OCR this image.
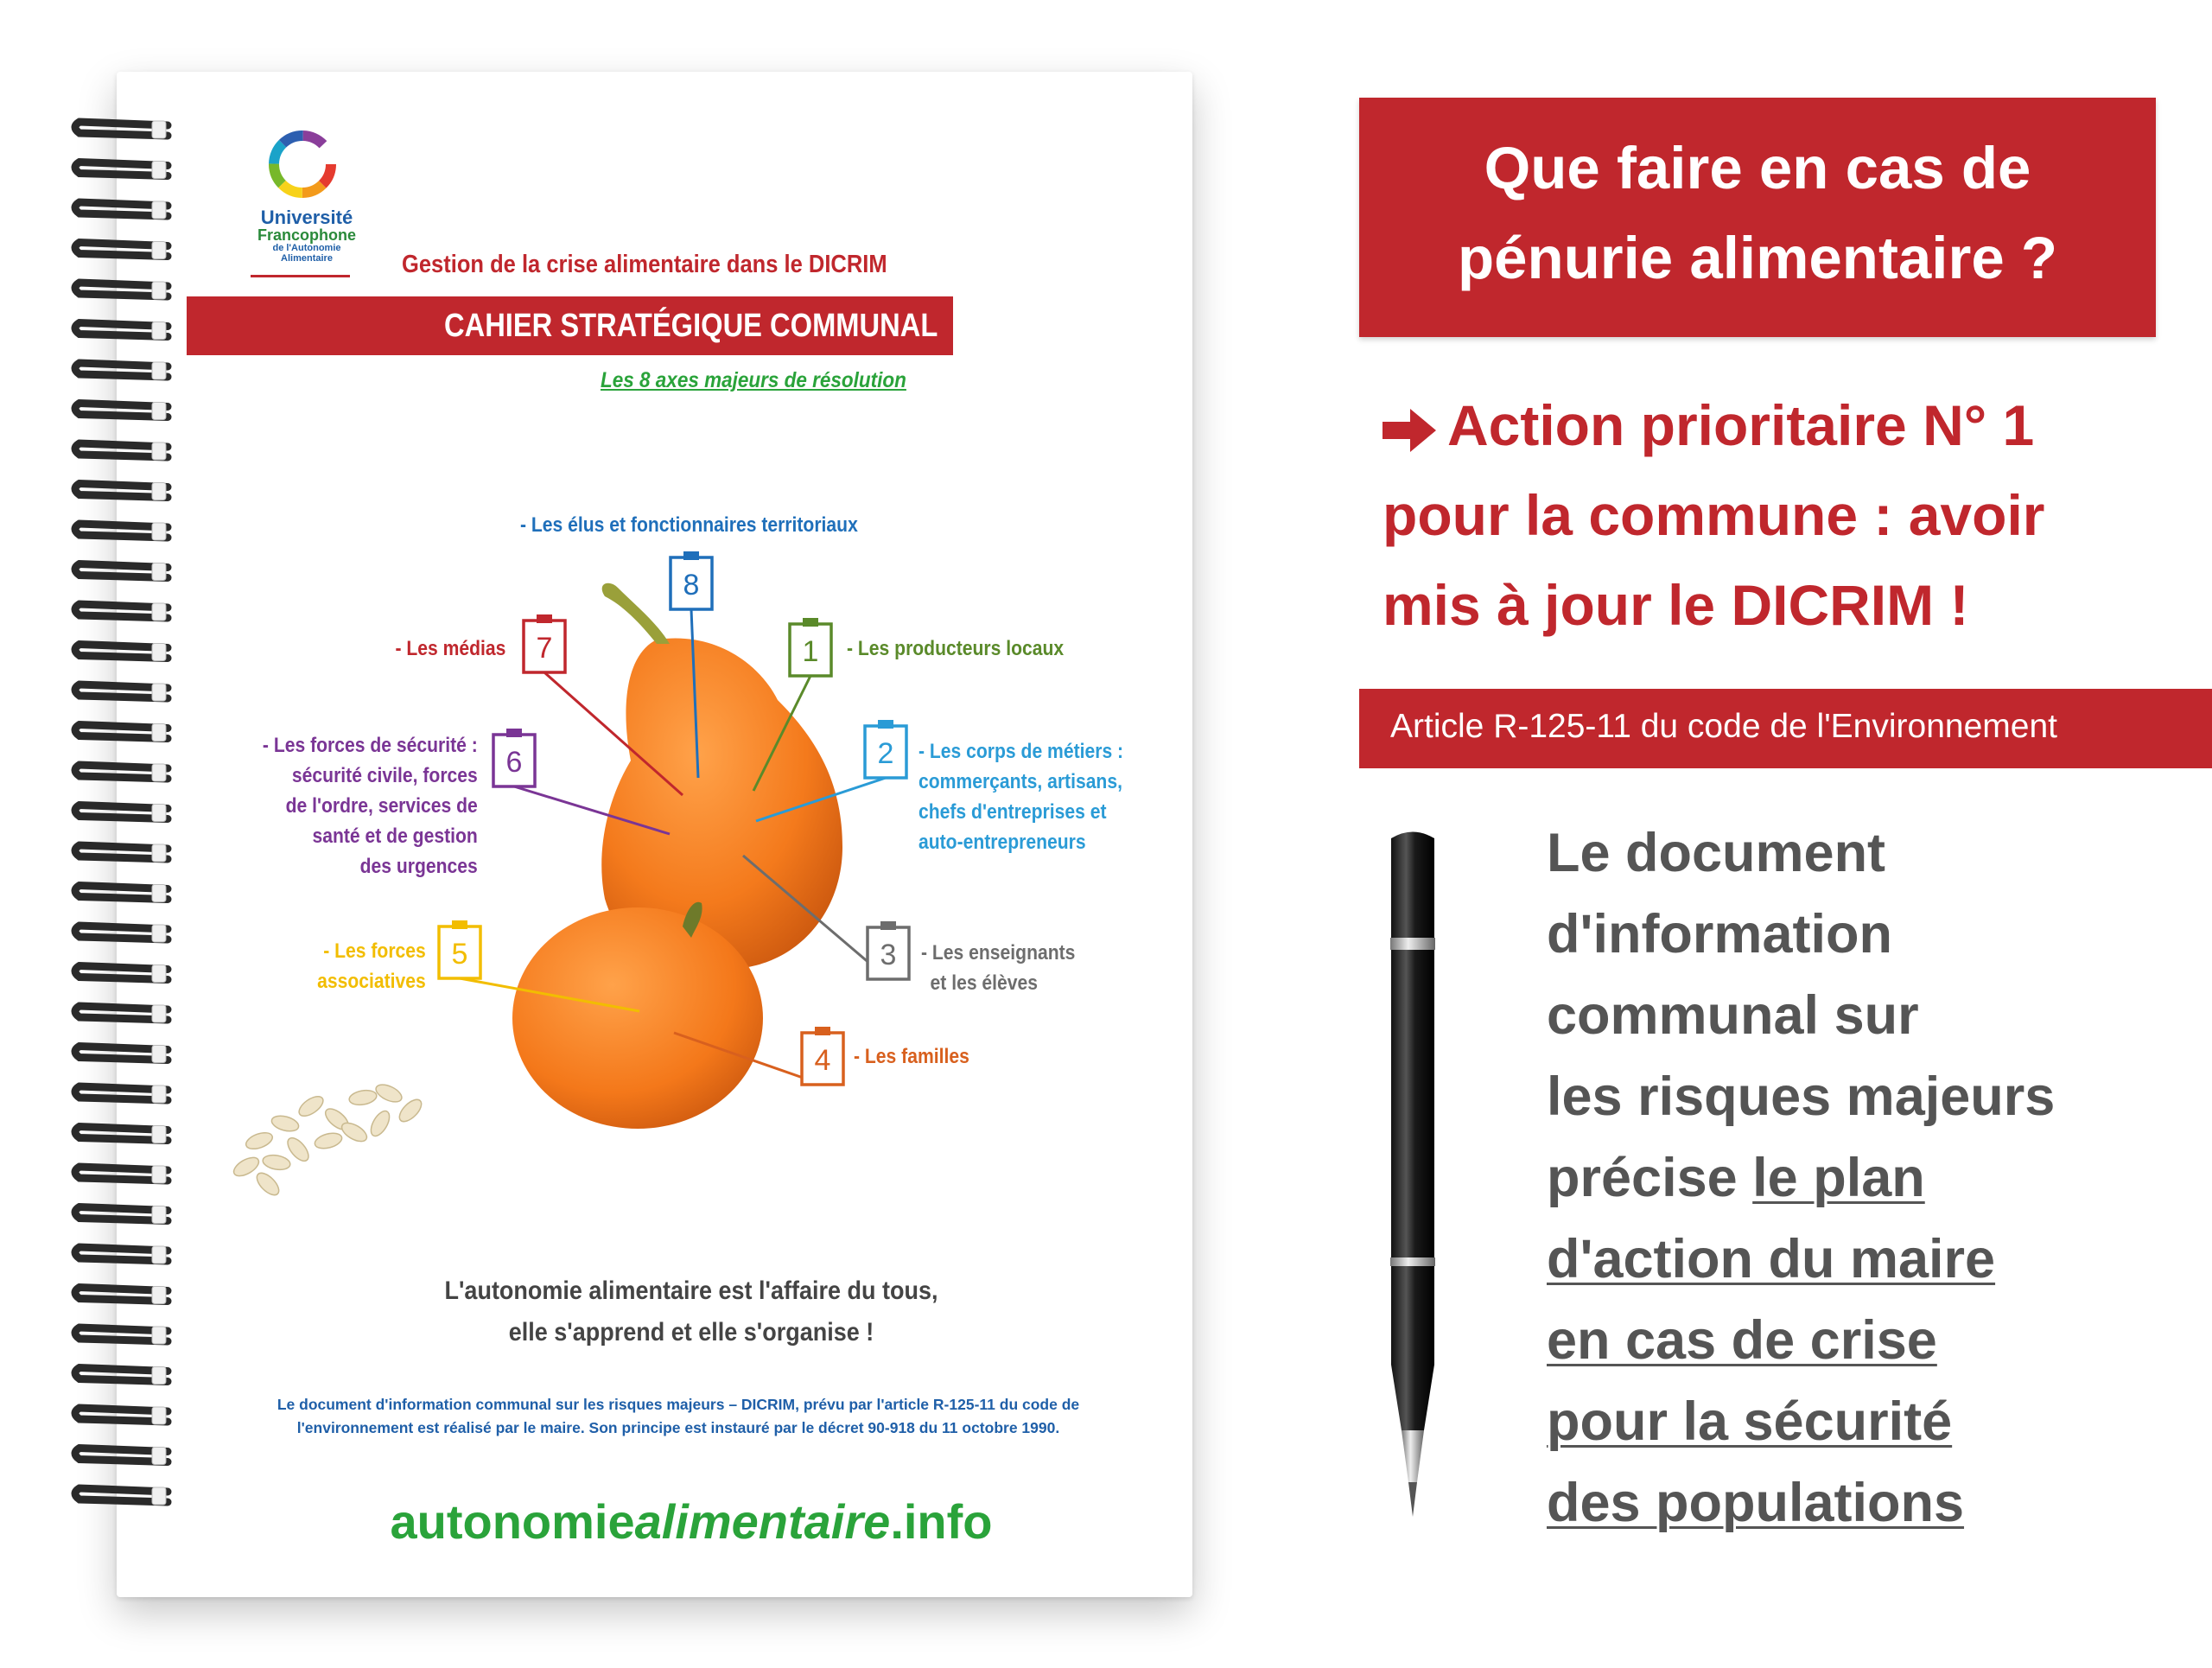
Université
Francophone
de l'Autonomie Alimentaire	Gestion de la crise alimentaire dans le DICRIM
CAHIER STRATÉGIQUE COMMUNAL
Les 8 axes majeurs de résolution
1
2
3
4
5
6
7
8
- Les élus et fonctionnaires territoriaux
- Les médias	- Les producteurs locaux
- Les forces de sécurité :
sécurité civile, forces
de l'ordre, services de
santé et de gestion
des urgences
- Les corps de métiers :
commerçants, artisans,
chefs d'entreprises et
auto-entrepreneurs
- Les forces
associatives
- Les enseignants
et les élèves
- Les familles
L'autonomie alimentaire est l'affaire du tous,
elle s'apprend et elle s'organise !
Le document d'information communal sur les risques majeurs – DICRIM, prévu par l'article R-125-11 du code de
l'environnement est réalisé par le maire. Son principe est instauré par le décret 90-918 du 11 octobre 1990.
autonomiealimentaire.info
Que faire en cas de
pénurie alimentaire ?
Action prioritaire N° 1
pour la commune : avoir
mis à jour le DICRIM !
Article R-125-11 du code de l'Environnement
Le document
d'information
communal sur
les risques majeurs
précise le plan
d'action du maire
en cas de crise
pour la sécurité
des populations
